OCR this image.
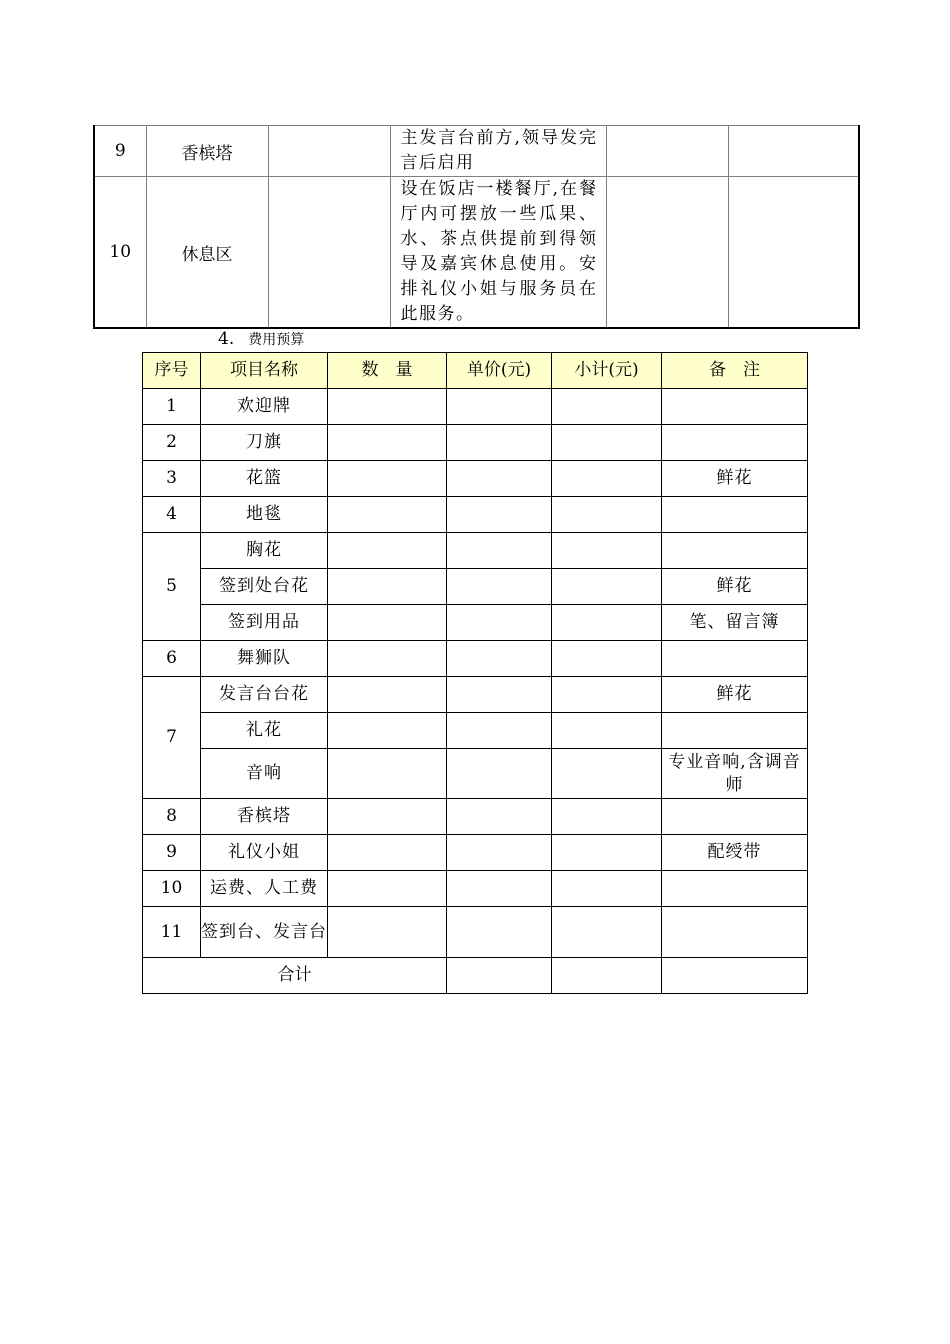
9	香槟塔		主发言台前方,领导发完言后启用		
10	休息区		设在饭店一楼餐厅,在餐厅内可摆放一些瓜果、水、茶点供提前到得领导及嘉宾休息使用。安排礼仪小姐与服务员在此服务。		
4. 费用预算
序号	项目名称	数　量	单价(元)	小计(元)	备　注
1	欢迎牌				
2	刀旗				
3	花篮				鲜花
4	地毯				
5	胸花				
	签到处台花				鲜花
	签到用品				笔、留言簿
6	舞狮队				
7	发言台台花				鲜花
	礼花				
	音响				专业音响,含调音师
8	香槟塔				
9	礼仪小姐				配绶带
10	运费、人工费				
11	签到台、发言台				
合计					
